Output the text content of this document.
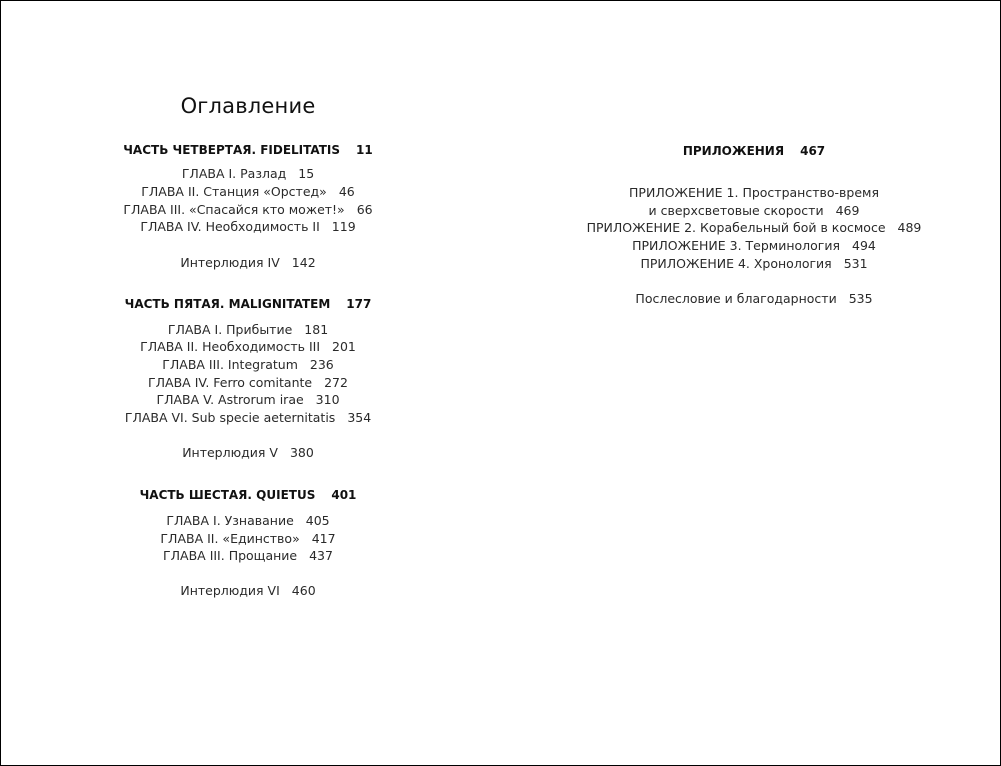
Оглавление
ЧАСТЬ ЧЕТВЕРТАЯ. FIDELITATIS 11
ГЛАВА I. Разлад 15
ГЛАВА II. Станция «Орстед» 46
ГЛАВА III. «Спасайся кто может!» 66
ГЛАВА IV. Необходимость II 119
Интерлюдия IV 142
ЧАСТЬ ПЯТАЯ. MALIGNITATEM 177
ГЛАВА I. Прибытие 181
ГЛАВА II. Необходимость III 201
ГЛАВА III. Integratum 236
ГЛАВА IV. Ferro comitante 272
ГЛАВА V. Astrorum irae 310
ГЛАВА VI. Sub specie aeternitatis 354
Интерлюдия V 380
ЧАСТЬ ШЕСТАЯ. QUIETUS 401
ГЛАВА I. Узнавание 405
ГЛАВА II. «Единство» 417
ГЛАВА III. Прощание 437
Интерлюдия VI 460
ПРИЛОЖЕНИЯ 467
ПРИЛОЖЕНИЕ 1. Пространство-время
и сверхсветовые скорости 469
ПРИЛОЖЕНИЕ 2. Корабельный бой в космосе 489
ПРИЛОЖЕНИЕ 3. Терминология 494
ПРИЛОЖЕНИЕ 4. Хронология 531
Послесловие и благодарности 535
